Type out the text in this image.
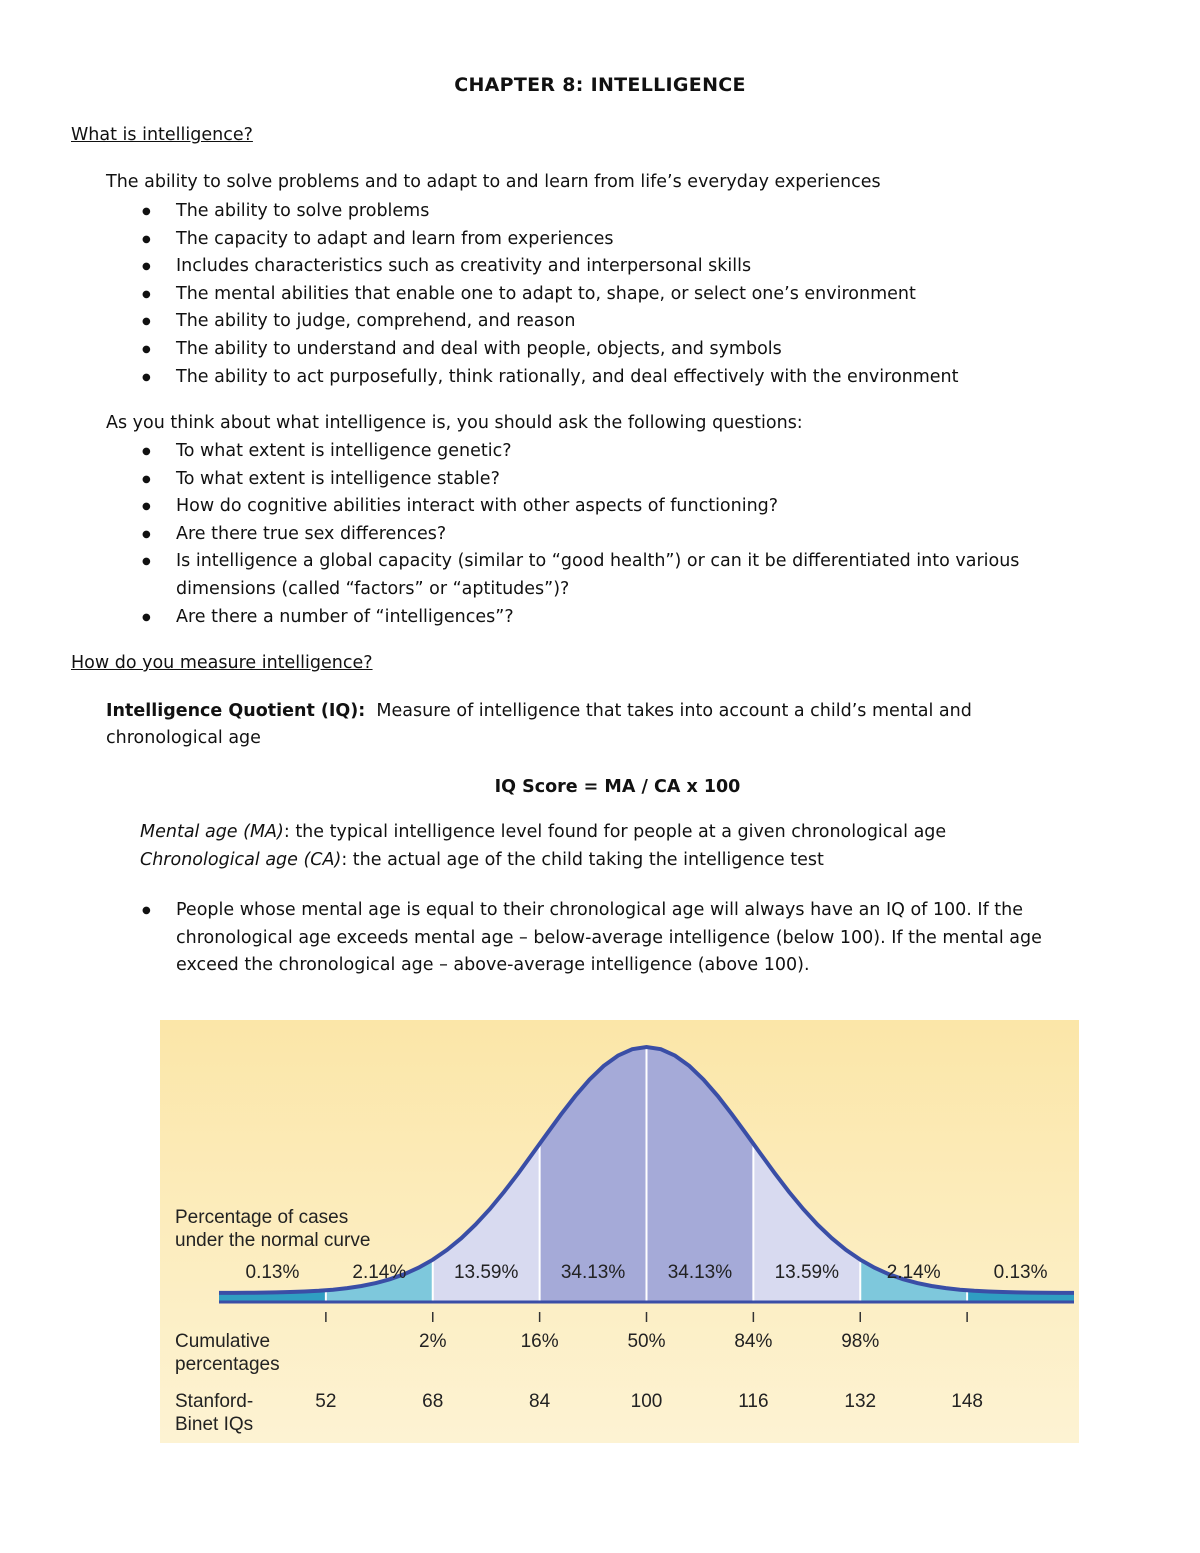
CHAPTER 8: INTELLIGENCE
What is intelligence?
The ability to solve problems and to adapt to and learn from life’s everyday experiences
● The ability to solve problems
● The capacity to adapt and learn from experiences
● Includes characteristics such as creativity and interpersonal skills
● The mental abilities that enable one to adapt to, shape, or select one’s environment
● The ability to judge, comprehend, and reason
● The ability to understand and deal with people, objects, and symbols
● The ability to act purposefully, think rationally, and deal effectively with the environment
As you think about what intelligence is, you should ask the following questions:
● To what extent is intelligence genetic?
● To what extent is intelligence stable?
● How do cognitive abilities interact with other aspects of functioning?
● Are there true sex differences?
● Is intelligence a global capacity (similar to “good health”) or can it be differentiated into various dimensions (called “factors” or “aptitudes”)?
● Are there a number of “intelligences”?
How do you measure intelligence?
Intelligence Quotient (IQ): Measure of intelligence that takes into account a child’s mental and
chronological age
IQ Score = MA / CA x 100
Mental age (MA): the typical intelligence level found for people at a given chronological age
Chronological age (CA): the actual age of the child taking the intelligence test
● People whose mental age is equal to their chronological age will always have an IQ of 100. If the chronological age exceeds mental age – below-average intelligence (below 100). If the mental age exceed the chronological age – above-average intelligence (above 100).
Percentage of cases
under the normal curve
0.13%	2.14%	13.59% 34.13% 34.13% 13.59%	2.14%	0.13%
Cumulative
percentages
2%	16%	50%	84%	98%
Stanford-
Binet IQs
52	68	84	100	116	132	148
